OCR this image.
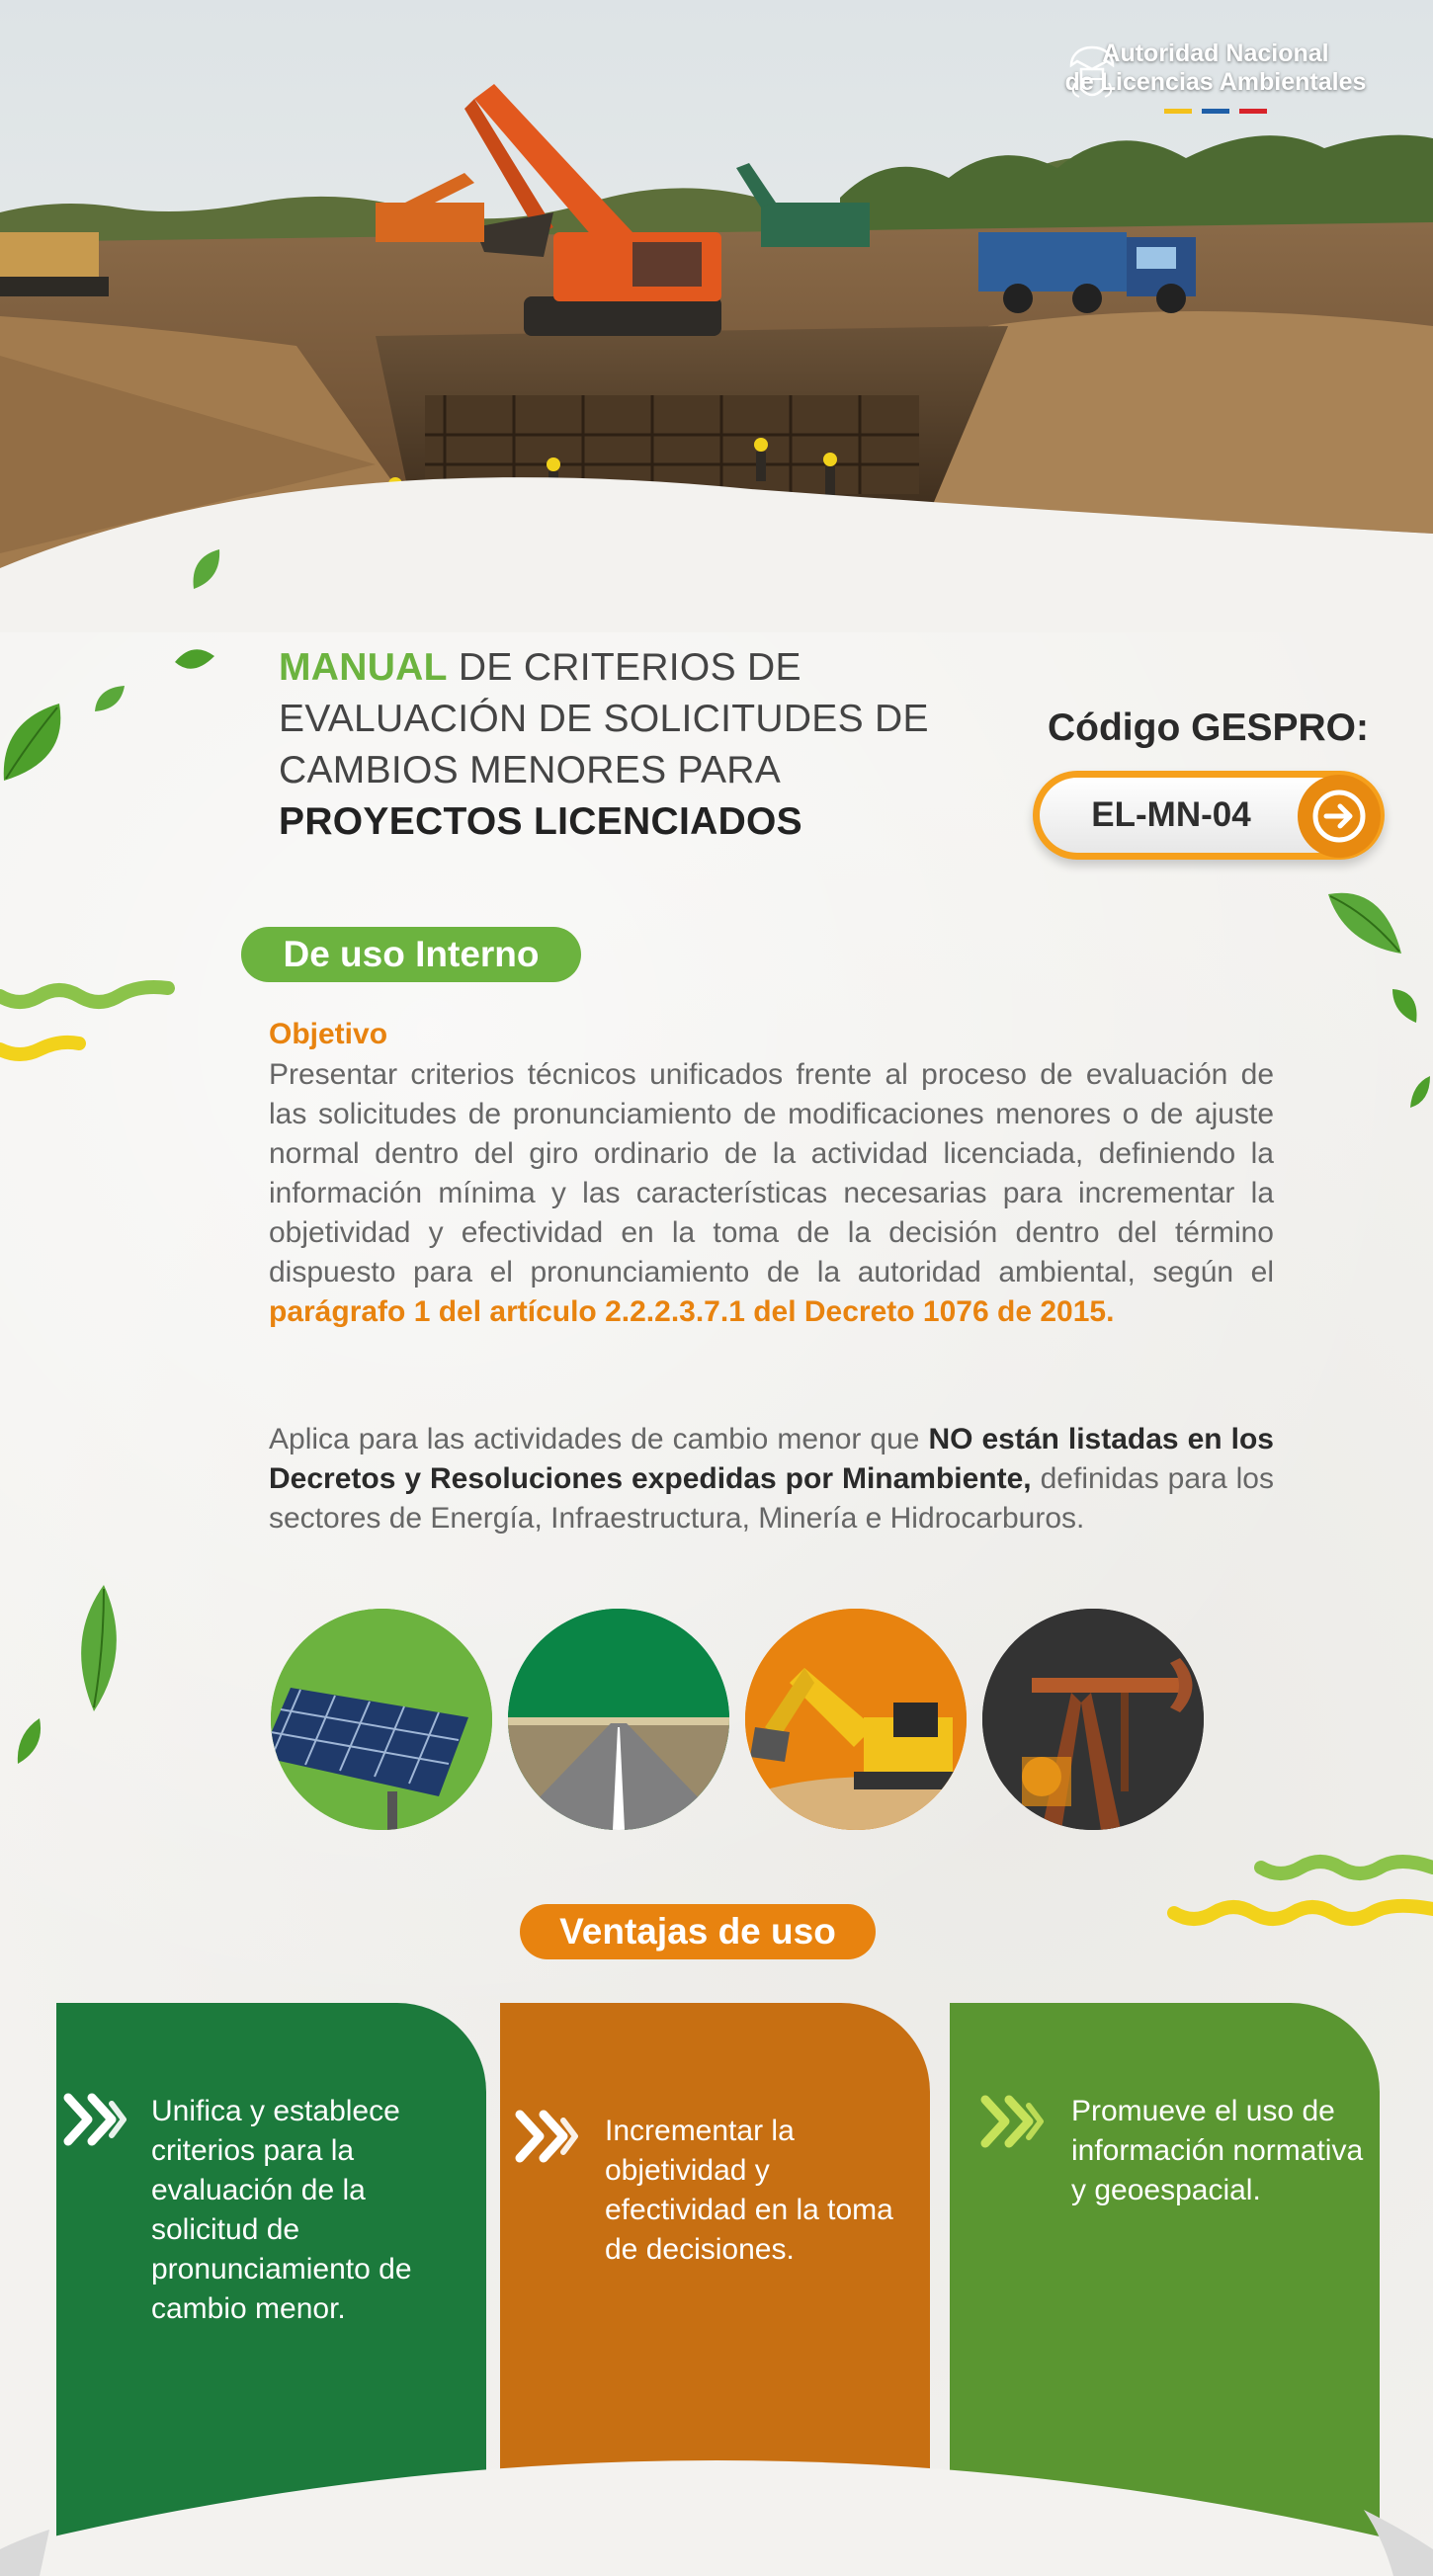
Autoridad Nacional
de Licencias Ambientales
MANUAL DE CRITERIOS DE
EVALUACIÓN DE SOLICITUDES DE
CAMBIOS MENORES PARA
PROYECTOS LICENCIADOS
Código GESPRO:
EL-MN-04
De uso Interno
Objetivo
Presentar criterios técnicos unificados frente al proceso de evaluación de las solicitudes de pronunciamiento de modificaciones menores o de ajuste normal dentro del giro ordinario de la actividad licenciada, definiendo la información mínima y las características necesarias para incrementar la objetividad y efectividad en la toma de la decisión dentro del término dispuesto para el pronunciamiento de la autoridad ambiental, según el parágrafo 1 del artículo 2.2.2.3.7.1 del Decreto 1076 de 2015.
Aplica para las actividades de cambio menor que NO están listadas en los Decretos y Resoluciones expedidas por Minambiente, definidas para los sectores de Energía, Infraestructura, Minería e Hidrocarburos.
Ventajas de uso
Unifica y establece criterios para la evaluación de la solicitud de pronunciamiento de cambio menor.
Incrementar la objetividad y efectividad en la toma de decisiones.
Promueve el uso de información normativa y geoespacial.
